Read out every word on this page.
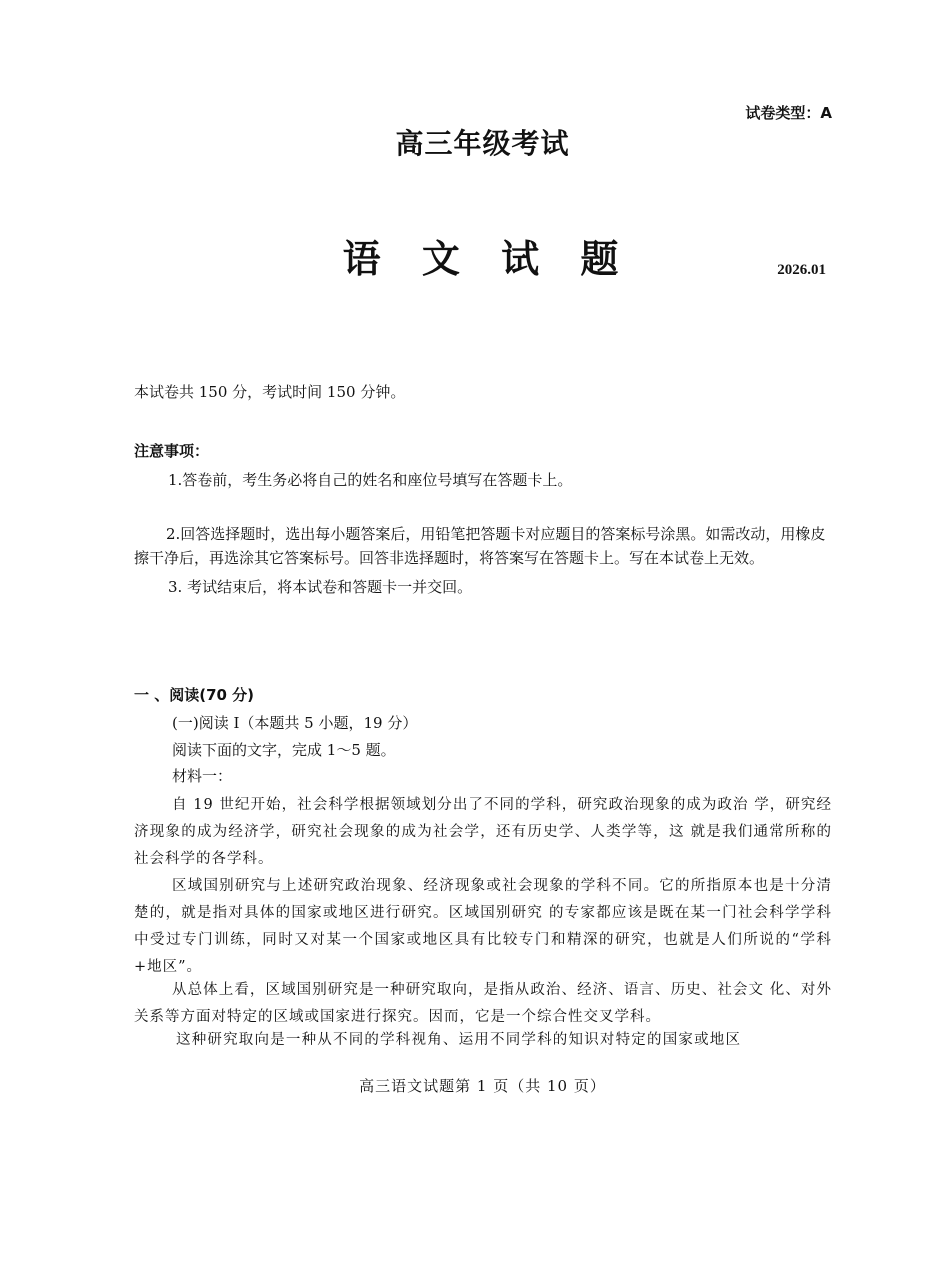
试卷类型：A
高三年级考试
语 文 试 题	2026.01
本试卷共 150 分，考试时间 150 分钟。
注意事项：

1.答卷前，考生务必将自己的姓名和座位号填写在答题卡上。

2.回答选择题时，选出每小题答案后，用铅笔把答题卡对应题目的答案标号涂黑。如需改动，用橡皮擦干净后，再选涂其它答案标号。回答非选择题时，将答案写在答题卡上。写在本试卷上无效。

3. 考试结束后，将本试卷和答题卡一并交回。

一 、阅读(70 分)
(一)阅读 I（本题共 5 小题，19 分）
阅读下面的文字，完成 1～5 题。
材料一：

自 19 世纪开始，社会科学根据领域划分出了不同的学科，研究政治现象的成为政治 学，研究经济现象的成为经济学，研究社会现象的成为社会学，还有历史学、人类学等，这 就是我们通常所称的社会科学的各学科。

区域国别研究与上述研究政治现象、经济现象或社会现象的学科不同。它的所指原本也是十分清楚的，就是指对具体的国家或地区进行研究。区域国别研究 的专家都应该是既在某一门社会科学学科中受过专门训练，同时又对某一个国家或地区具有比较专门和精深的研究，也就是人们所说的“学科+地区”。

从总体上看，区域国别研究是一种研究取向，是指从政治、经济、语言、历史、社会文 化、对外关系等方面对特定的区域或国家进行探究。因而，它是一个综合性交叉学科。

这种研究取向是一种从不同的学科视角、运用不同学科的知识对特定的国家或地区

高三语文试题第 1 页（共 10 页）
